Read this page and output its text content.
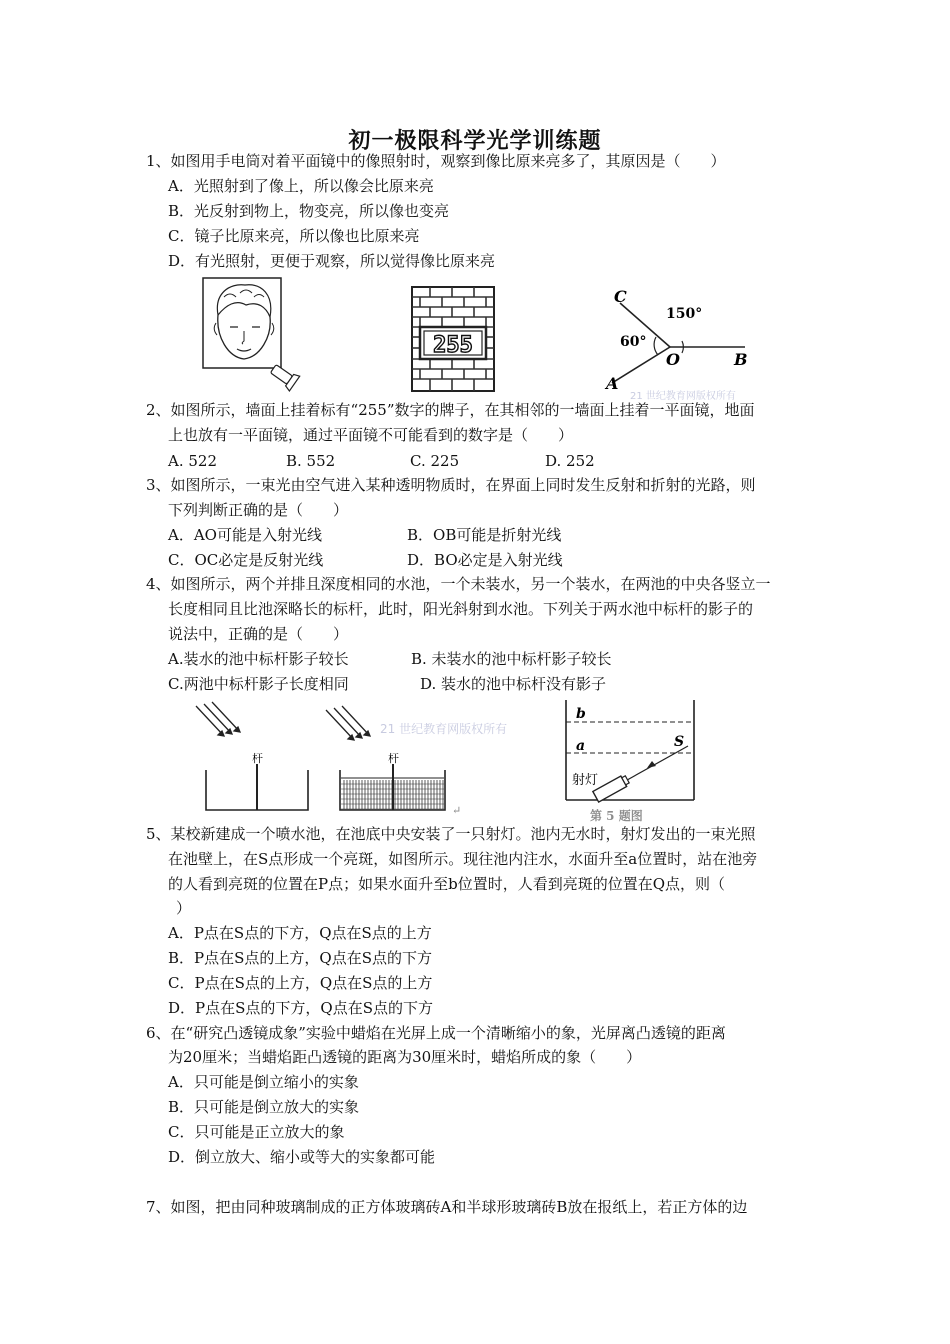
初一极限科学光学训练题
1、如图用手电筒对着平面镜中的像照射时，观察到像比原来亮多了，其原因是（　　）
A．光照射到了像上，所以像会比原来亮
B．光反射到物上，物变亮，所以像也变亮
C．镜子比原来亮，所以像也比原来亮
D．有光照射，更便于观察，所以觉得像比原来亮
255
C
150°
60°
O	B
A
21 世纪教育网版权所有
2、如图所示，墙面上挂着标有“255”数字的牌子，在其相邻的一墙面上挂着一平面镜，地面
上也放有一平面镜，通过平面镜不可能看到的数字是（　　）
A. 522	B. 552	C. 225	D. 252
3、如图所示，一束光由空气进入某种透明物质时，在界面上同时发生反射和折射的光路，则
下列判断正确的是（　　）
A．AO可能是入射光线	B．OB可能是折射光线
C．OC必定是反射光线	D．BO必定是入射光线
4、如图所示，两个并排且深度相同的水池，一个未装水，另一个装水，在两池的中央各竖立一
长度相同且比池深略长的标杆，此时，阳光斜射到水池。下列关于两水池中标杆的影子的
说法中，正确的是（　　）
A.装水的池中标杆影子较长	B. 未装水的池中标杆影子较长
C.两池中标杆影子长度相同	D. 装水的池中标杆没有影子
杆	杆
21 世纪教育网版权所有
↵
b
a	S
射灯
5、某校新建成一个喷水池，在池底中央安装了一只射灯。池内无水时，射灯发出的一束光照
在池壁上，在S点形成一个亮斑，如图所示。现往池内注水，水面升至a位置时，站在池旁
的人看到亮斑的位置在P点；如果水面升至b位置时，人看到亮斑的位置在Q点，则（
）
A．P点在S点的下方，Q点在S点的上方
B．P点在S点的上方，Q点在S点的下方
C．P点在S点的上方，Q点在S点的上方
D．P点在S点的下方，Q点在S点的下方
6、在“研究凸透镜成象”实验中蜡焰在光屏上成一个清晰缩小的象，光屏离凸透镜的距离
为20厘米；当蜡焰距凸透镜的距离为30厘米时，蜡焰所成的象（　　）
A．只可能是倒立缩小的实象
B．只可能是倒立放大的实象
C．只可能是正立放大的象
D．倒立放大、缩小或等大的实象都可能
7、如图，把由同种玻璃制成的正方体玻璃砖A和半球形玻璃砖B放在报纸上，若正方体的边
